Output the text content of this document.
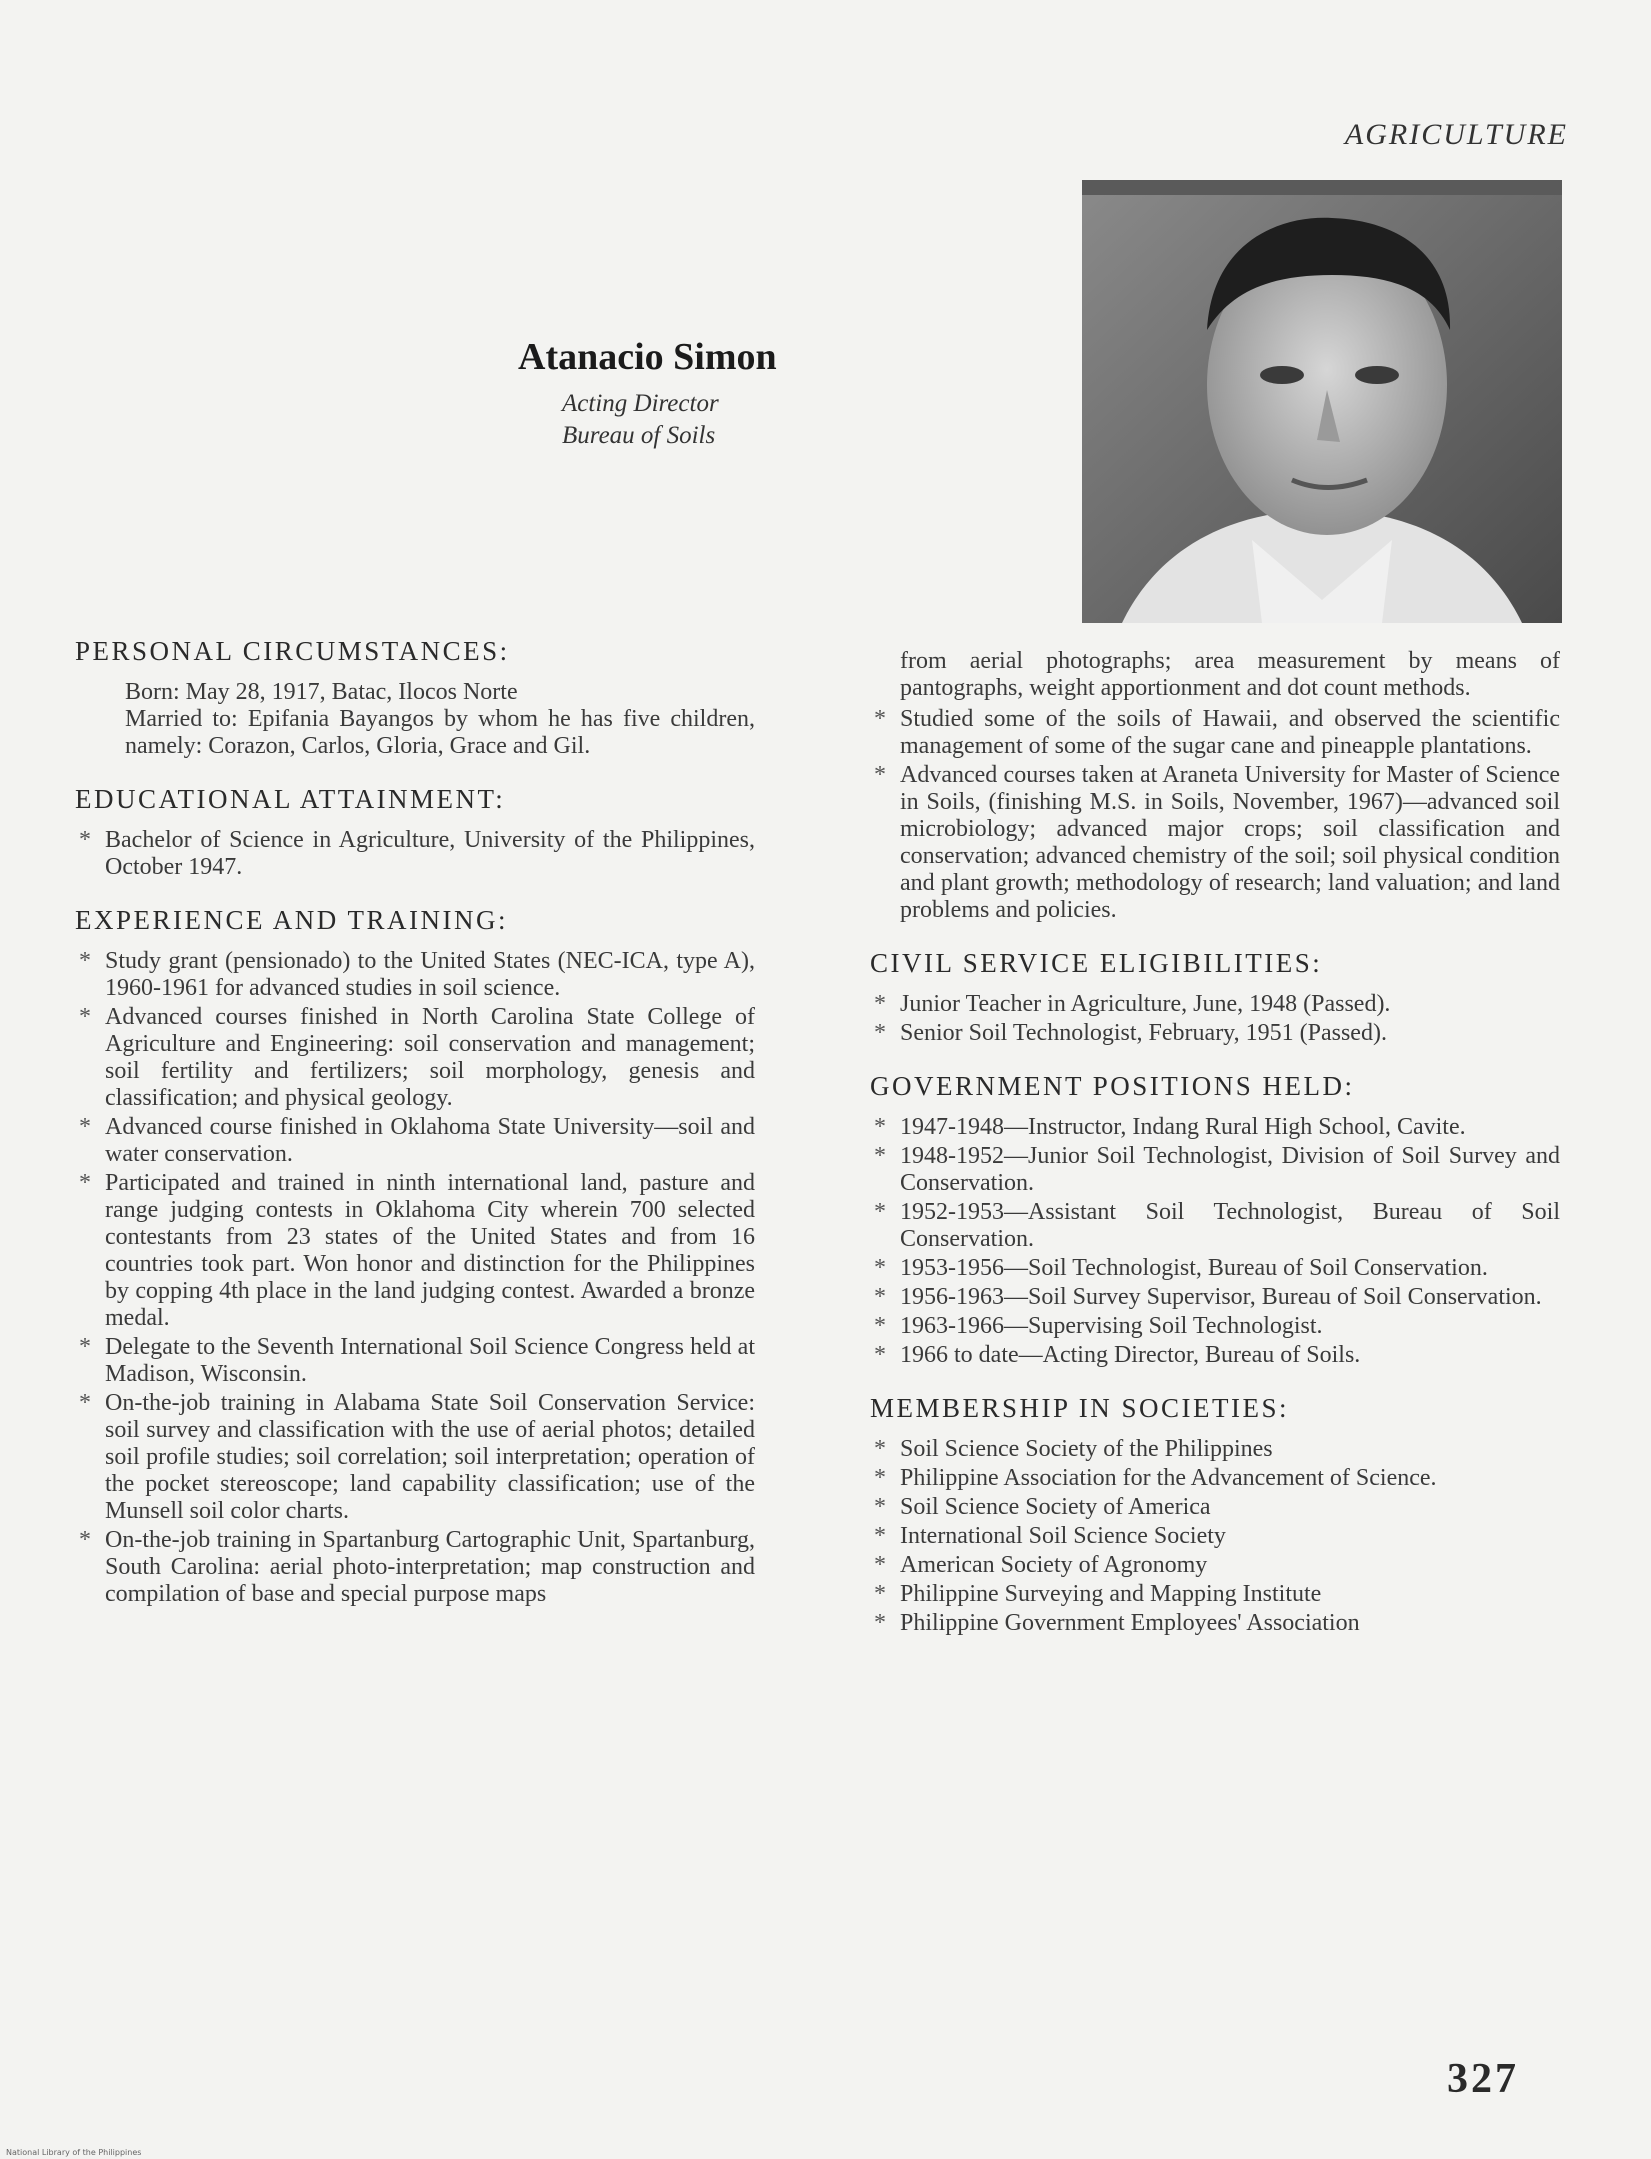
AGRICULTURE
Atanacio Simon
Acting Director
Bureau of Soils
PERSONAL CIRCUMSTANCES:
Born: May 28, 1917, Batac, Ilocos Norte
Married to: Epifania Bayangos by whom he has five children, namely: Corazon, Carlos, Gloria, Grace and Gil.
EDUCATIONAL ATTAINMENT:
* Bachelor of Science in Agriculture, University of the Philippines, October 1947.
EXPERIENCE AND TRAINING:
* Study grant (pensionado) to the United States (NEC-ICA, type A), 1960-1961 for advanced studies in soil science.
* Advanced courses finished in North Carolina State College of Agriculture and Engineering: soil conservation and management; soil fertility and fertilizers; soil morphology, genesis and classification; and physical geology.
* Advanced course finished in Oklahoma State University—soil and water conservation.
* Participated and trained in ninth international land, pasture and range judging contests in Oklahoma City wherein 700 selected contestants from 23 states of the United States and from 16 countries took part. Won honor and distinction for the Philippines by copping 4th place in the land judging contest. Awarded a bronze medal.
* Delegate to the Seventh International Soil Science Congress held at Madison, Wisconsin.
* On-the-job training in Alabama State Soil Conservation Service: soil survey and classification with the use of aerial photos; detailed soil profile studies; soil correlation; soil interpretation; operation of the pocket stereoscope; land capability classification; use of the Munsell soil color charts.
* On-the-job training in Spartanburg Cartographic Unit, Spartanburg, South Carolina: aerial photo-interpretation; map construction and compilation of base and special purpose maps
from aerial photographs; area measurement by means of pantographs, weight apportionment and dot count methods.
* Studied some of the soils of Hawaii, and observed the scientific management of some of the sugar cane and pineapple plantations.
* Advanced courses taken at Araneta University for Master of Science in Soils, (finishing M.S. in Soils, November, 1967)—advanced soil microbiology; advanced major crops; soil classification and conservation; advanced chemistry of the soil; soil physical condition and plant growth; methodology of research; land valuation; and land problems and policies.
CIVIL SERVICE ELIGIBILITIES:
* Junior Teacher in Agriculture, June, 1948 (Passed).
* Senior Soil Technologist, February, 1951 (Passed).
GOVERNMENT POSITIONS HELD:
* 1947-1948—Instructor, Indang Rural High School, Cavite.
* 1948-1952—Junior Soil Technologist, Division of Soil Survey and Conservation.
* 1952-1953—Assistant Soil Technologist, Bureau of Soil Conservation.
* 1953-1956—Soil Technologist, Bureau of Soil Conservation.
* 1956-1963—Soil Survey Supervisor, Bureau of Soil Conservation.
* 1963-1966—Supervising Soil Technologist.
* 1966 to date—Acting Director, Bureau of Soils.
MEMBERSHIP IN SOCIETIES:
* Soil Science Society of the Philippines
* Philippine Association for the Advancement of Science.
* Soil Science Society of America
* International Soil Science Society
* American Society of Agronomy
* Philippine Surveying and Mapping Institute
* Philippine Government Employees' Association
327
National Library of the Philippines
